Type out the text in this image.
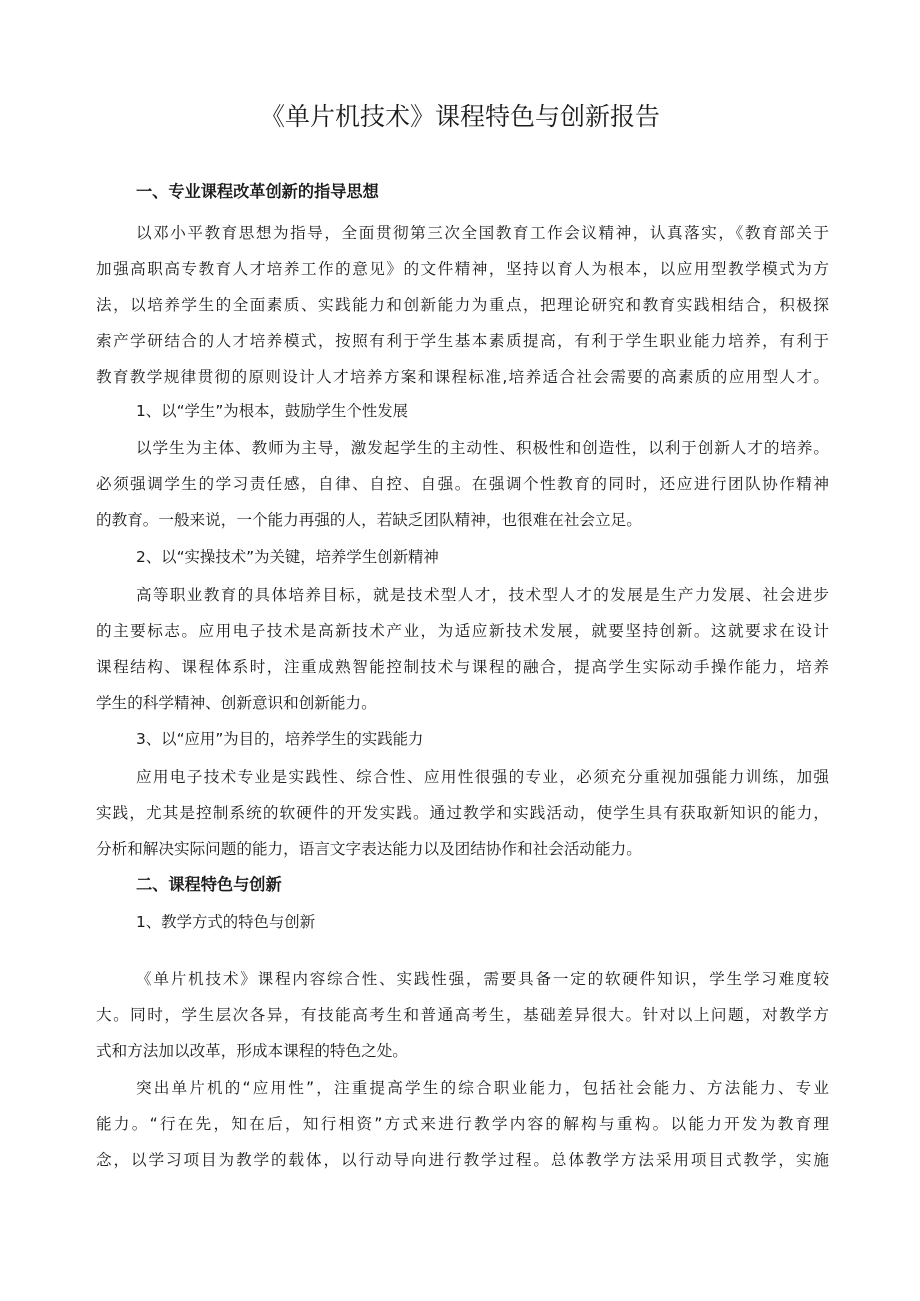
《单片机技术》课程特色与创新报告
一、专业课程改革创新的指导思想
以邓小平教育思想为指导，全面贯彻第三次全国教育工作会议精神，认真落实，《教育部关于
加强高职高专教育人才培养工作的意见》的文件精神，坚持以育人为根本，以应用型教学模式为方
法，以培养学生的全面素质、实践能力和创新能力为重点，把理论研究和教育实践相结合，积极探
索产学研结合的人才培养模式，按照有利于学生基本素质提高，有利于学生职业能力培养，有利于
教育教学规律贯彻的原则设计人才培养方案和课程标准,培养适合社会需要的高素质的应用型人才。
1、以“学生”为根本，鼓励学生个性发展
以学生为主体、教师为主导，激发起学生的主动性、积极性和创造性，以利于创新人才的培养。
必须强调学生的学习责任感，自律、自控、自强。在强调个性教育的同时，还应进行团队协作精神
的教育。一般来说，一个能力再强的人，若缺乏团队精神，也很难在社会立足。
2、以“实操技术”为关键，培养学生创新精神
高等职业教育的具体培养目标，就是技术型人才，技术型人才的发展是生产力发展、社会进步
的主要标志。应用电子技术是高新技术产业，为适应新技术发展，就要坚持创新。这就要求在设计
课程结构、课程体系时，注重成熟智能控制技术与课程的融合，提高学生实际动手操作能力，培养
学生的科学精神、创新意识和创新能力。
3、以“应用”为目的，培养学生的实践能力
应用电子技术专业是实践性、综合性、应用性很强的专业，必须充分重视加强能力训练，加强
实践，尤其是控制系统的软硬件的开发实践。通过教学和实践活动，使学生具有获取新知识的能力，
分析和解决实际问题的能力，语言文字表达能力以及团结协作和社会活动能力。
二、课程特色与创新
1、教学方式的特色与创新
《单片机技术》课程内容综合性、实践性强，需要具备一定的软硬件知识，学生学习难度较
大。同时，学生层次各异，有技能高考生和普通高考生，基础差异很大。针对以上问题，对教学方
式和方法加以改革，形成本课程的特色之处。
突出单片机的“应用性”，注重提高学生的综合职业能力，包括社会能力、方法能力、专业
能力。“行在先，知在后，知行相资”方式来进行教学内容的解构与重构。以能力开发为教育理
念，以学习项目为教学的载体，以行动导向进行教学过程。总体教学方法采用项目式教学，实施
